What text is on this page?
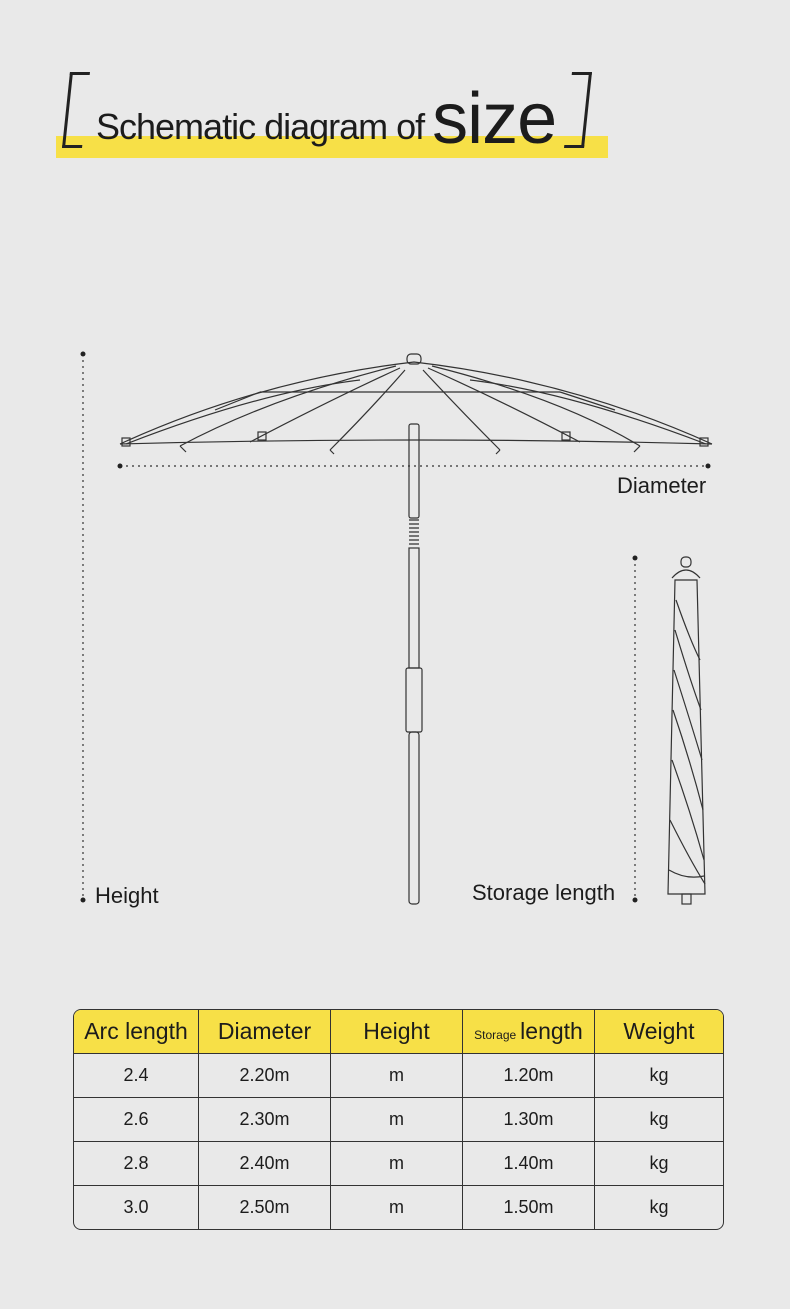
Schematic diagram of size
Diameter
Height	Storage length
Arc length	Diameter	Height	Storage length	Weight
2.4	2.20m	m	1.20m	kg
2.6	2.30m	m	1.30m	kg
2.8	2.40m	m	1.40m	kg
3.0	2.50m	m	1.50m	kg
